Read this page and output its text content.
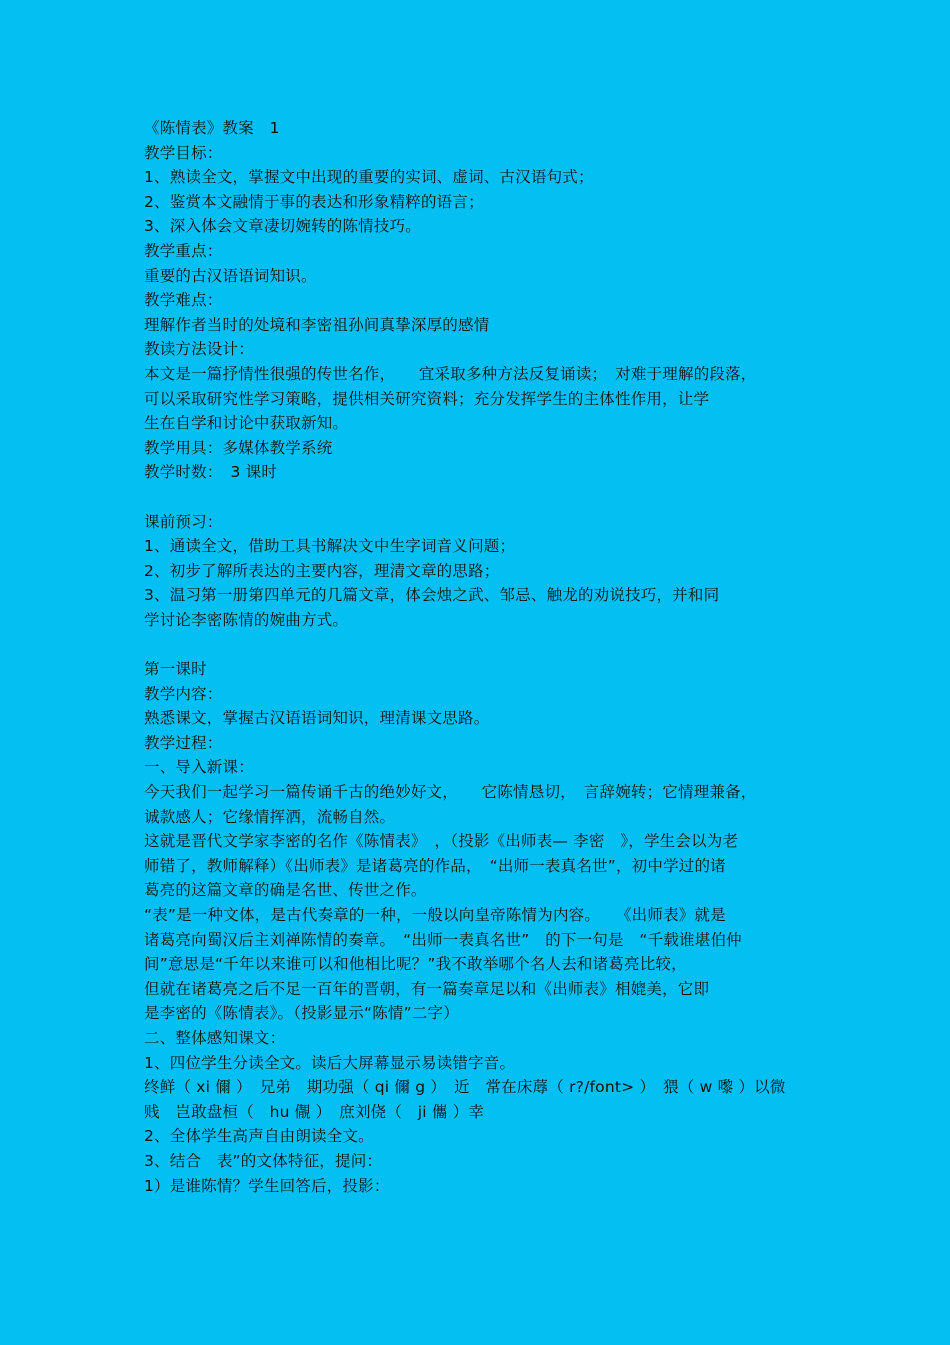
《陈情表》教案　1
教学目标：
1、熟读全文，掌握文中出现的重要的实词、虚词、古汉语句式；
2、鉴赏本文融情于事的表达和形象精粹的语言；
3、深入体会文章凄切婉转的陈情技巧。
教学重点：
重要的古汉语语词知识。
教学难点：
理解作者当时的处境和李密祖孙间真挚深厚的感情
教读方法设计：
本文是一篇抒情性很强的传世名作，　　宜采取多种方法反复诵读；　对难于理解的段落，
可以采取研究性学习策略，提供相关研究资料；充分发挥学生的主体性作用，让学
生在自学和讨论中获取新知。
教学用具：多媒体教学系统
教学时数：　3 课时
课前预习：
1、通读全文，借助工具书解决文中生字词音义问题；
2、初步了解所表达的主要内容，理清文章的思路；
3、温习第一册第四单元的几篇文章，体会烛之武、邹忌、触龙的劝说技巧，并和同
学讨论李密陈情的婉曲方式。
第一课时
教学内容：
熟悉课文，掌握古汉语语词知识，理清课文思路。
教学过程：
一、导入新课：
今天我们一起学习一篇传诵千古的绝妙好文，　　它陈情恳切，　言辞婉转；它情理兼备，
诚款感人；它缘情挥洒，流畅自然。
这就是晋代文学家李密的名作《陈情表》　，（投影《出师表— 李密　》，学生会以为老
师错了，教师解释）《出师表》是诸葛亮的作品，　“出师一表真名世”，初中学过的诸
葛亮的这篇文章的确是名世、传世之作。
“表”是一种文体，是古代奏章的一种，一般以向皇帝陈情为内容。　　《出师表》就是
诸葛亮向蜀汉后主刘禅陈情的奏章。　“出师一表真名世”　的下一句是　“千载谁堪伯仲
间”意思是“千年以来谁可以和他相比呢？”我不敢举哪个名人去和诸葛亮比较，
但就在诸葛亮之后不足一百年的晋朝，有一篇奏章足以和《出师表》相媲美，它即
是李密的《陈情表》。（投影显示“陈情”二字）
二、整体感知课文：
1、四位学生分读全文。读后大屏幕显示易读错字音。
终鲜（ xi 儞 ）　兄弟　期功强（ qi 儞 g ）　近　常在床蓐（ r?/font> ）　猥（ w 嚟 ）以微
贱　岂敢盘桓（　hu 儬 ）　庶刘侥（　ji 儶 ）幸
2、全体学生高声自由朗读全文。
3、结合　表”的文体特征，提问：
1）是谁陈情？学生回答后，投影：
